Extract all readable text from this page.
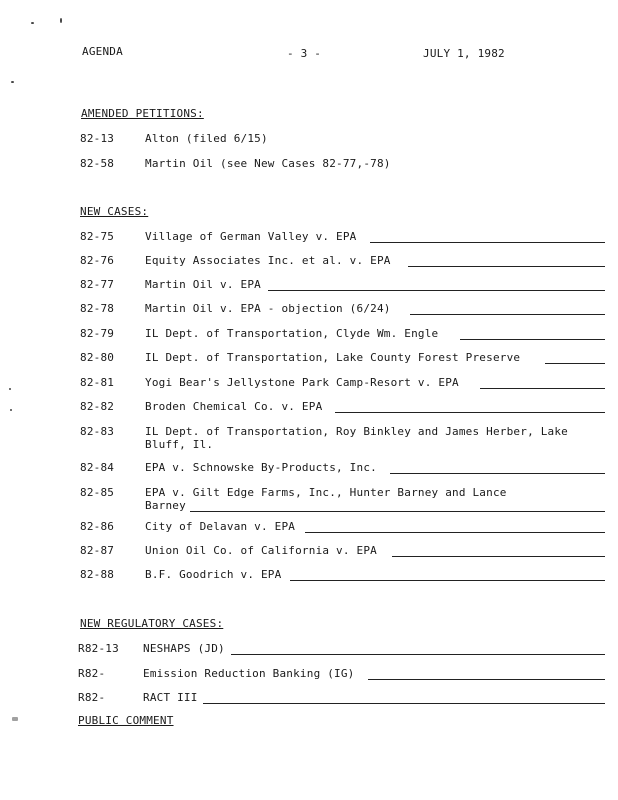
AGENDA	- 3 -	JULY 1, 1982
AMENDED PETITIONS:
82-13	Alton (filed 6/15)
82-58	Martin Oil (see New Cases 82-77,-78)
NEW CASES:
82-75	Village of German Valley v. EPA
82-76	Equity Associates Inc. et al. v. EPA
82-77	Martin Oil v. EPA
82-78	Martin Oil v. EPA - objection (6/24)
82-79	IL Dept. of Transportation, Clyde Wm. Engle
82-80	IL Dept. of Transportation, Lake County Forest Preserve
82-81	Yogi Bear's Jellystone Park Camp-Resort v. EPA
82-82	Broden Chemical Co. v. EPA
82-83	IL Dept. of Transportation, Roy Binkley and James Herber, Lake Bluff, Il.
82-84	EPA v. Schnowske By-Products, Inc.
82-85	EPA v. Gilt Edge Farms, Inc., Hunter Barney and Lance Barney
82-86	City of Delavan v. EPA
82-87	Union Oil Co. of California v. EPA
82-88	B.F. Goodrich v. EPA
NEW REGULATORY CASES:
R82-13 NESHAPS (JD)
R82-	Emission Reduction Banking (IG)
R82-	RACT III
PUBLIC COMMENT
